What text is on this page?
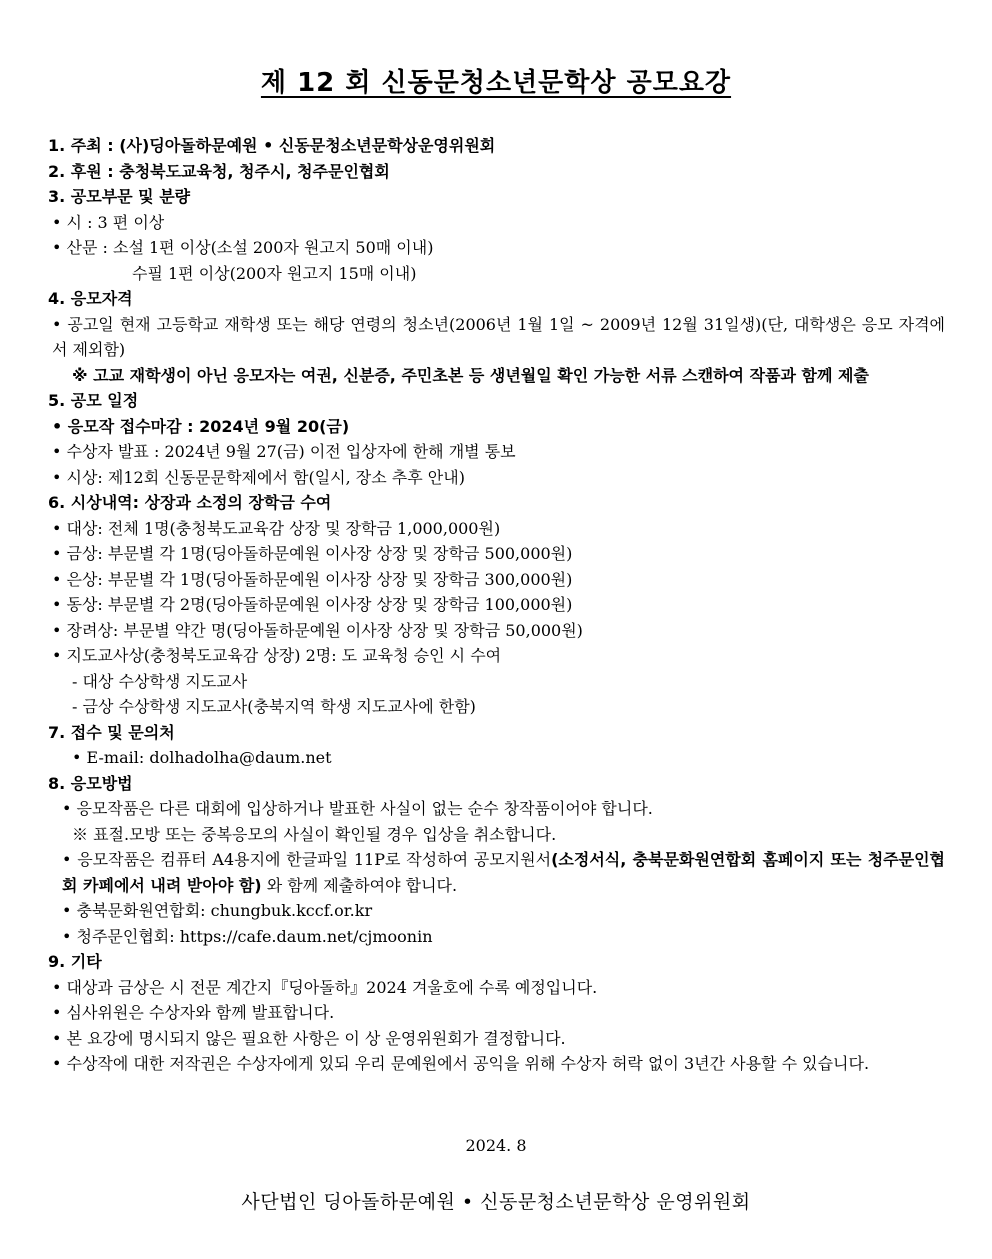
제 12 회 신동문청소년문학상 공모요강
1. 주최 : (사)딩아돌하문예원 • 신동문청소년문학상운영위원회
2. 후원 : 충청북도교육청, 청주시, 청주문인협회
3. 공모부문 및 분량
• 시 : 3 편 이상
• 산문 : 소설 1편 이상(소설 200자 원고지 50매 이내)
수필 1편 이상(200자 원고지 15매 이내)
4. 응모자격
• 공고일 현재 고등학교 재학생 또는 해당 연령의 청소년(2006년 1월 1일 ~ 2009년 12월 31일생)(단, 대학생은 응모 자격에서 제외함)
※ 고교 재학생이 아닌 응모자는 여권, 신분증, 주민초본 등 생년월일 확인 가능한 서류 스캔하여 작품과 함께 제출
5. 공모 일정
• 응모작 접수마감 : 2024년 9월 20(금)
• 수상자 발표 : 2024년 9월 27(금) 이전 입상자에 한해 개별 통보
• 시상: 제12회 신동문문학제에서 함(일시, 장소 추후 안내)
6. 시상내역: 상장과 소정의 장학금 수여
• 대상: 전체 1명(충청북도교육감 상장 및 장학금 1,000,000원)
• 금상: 부문별 각 1명(딩아돌하문예원 이사장 상장 및 장학금 500,000원)
• 은상: 부문별 각 1명(딩아돌하문예원 이사장 상장 및 장학금 300,000원)
• 동상: 부문별 각 2명(딩아돌하문예원 이사장 상장 및 장학금 100,000원)
• 장려상: 부문별 약간 명(딩아돌하문예원 이사장 상장 및 장학금 50,000원)
• 지도교사상(충청북도교육감 상장) 2명: 도 교육청 승인 시 수여
- 대상 수상학생 지도교사
- 금상 수상학생 지도교사(충북지역 학생 지도교사에 한함)
7. 접수 및 문의처
• E-mail: dolhadolha@daum.net
8. 응모방법
• 응모작품은 다른 대회에 입상하거나 발표한 사실이 없는 순수 창작품이어야 합니다.
※ 표절.모방 또는 중복응모의 사실이 확인될 경우 입상을 취소합니다.
• 응모작품은 컴퓨터 A4용지에 한글파일 11P로 작성하여 공모지원서(소정서식, 충북문화원연합회 홈페이지 또는 청주문인협회 카페에서 내려 받아야 함) 와 함께 제출하여야 합니다.
• 충북문화원연합회: chungbuk.kccf.or.kr
• 청주문인협회: https://cafe.daum.net/cjmoonin
9. 기타
• 대상과 금상은 시 전문 계간지『딩아돌하』2024 겨울호에 수록 예정입니다.
• 심사위원은 수상자와 함께 발표합니다.
• 본 요강에 명시되지 않은 필요한 사항은 이 상 운영위원회가 결정합니다.
• 수상작에 대한 저작권은 수상자에게 있되 우리 문예원에서 공익을 위해 수상자 허락 없이 3년간 사용할 수 있습니다.
2024. 8
사단법인 딩아돌하문예원 • 신동문청소년문학상 운영위원회
